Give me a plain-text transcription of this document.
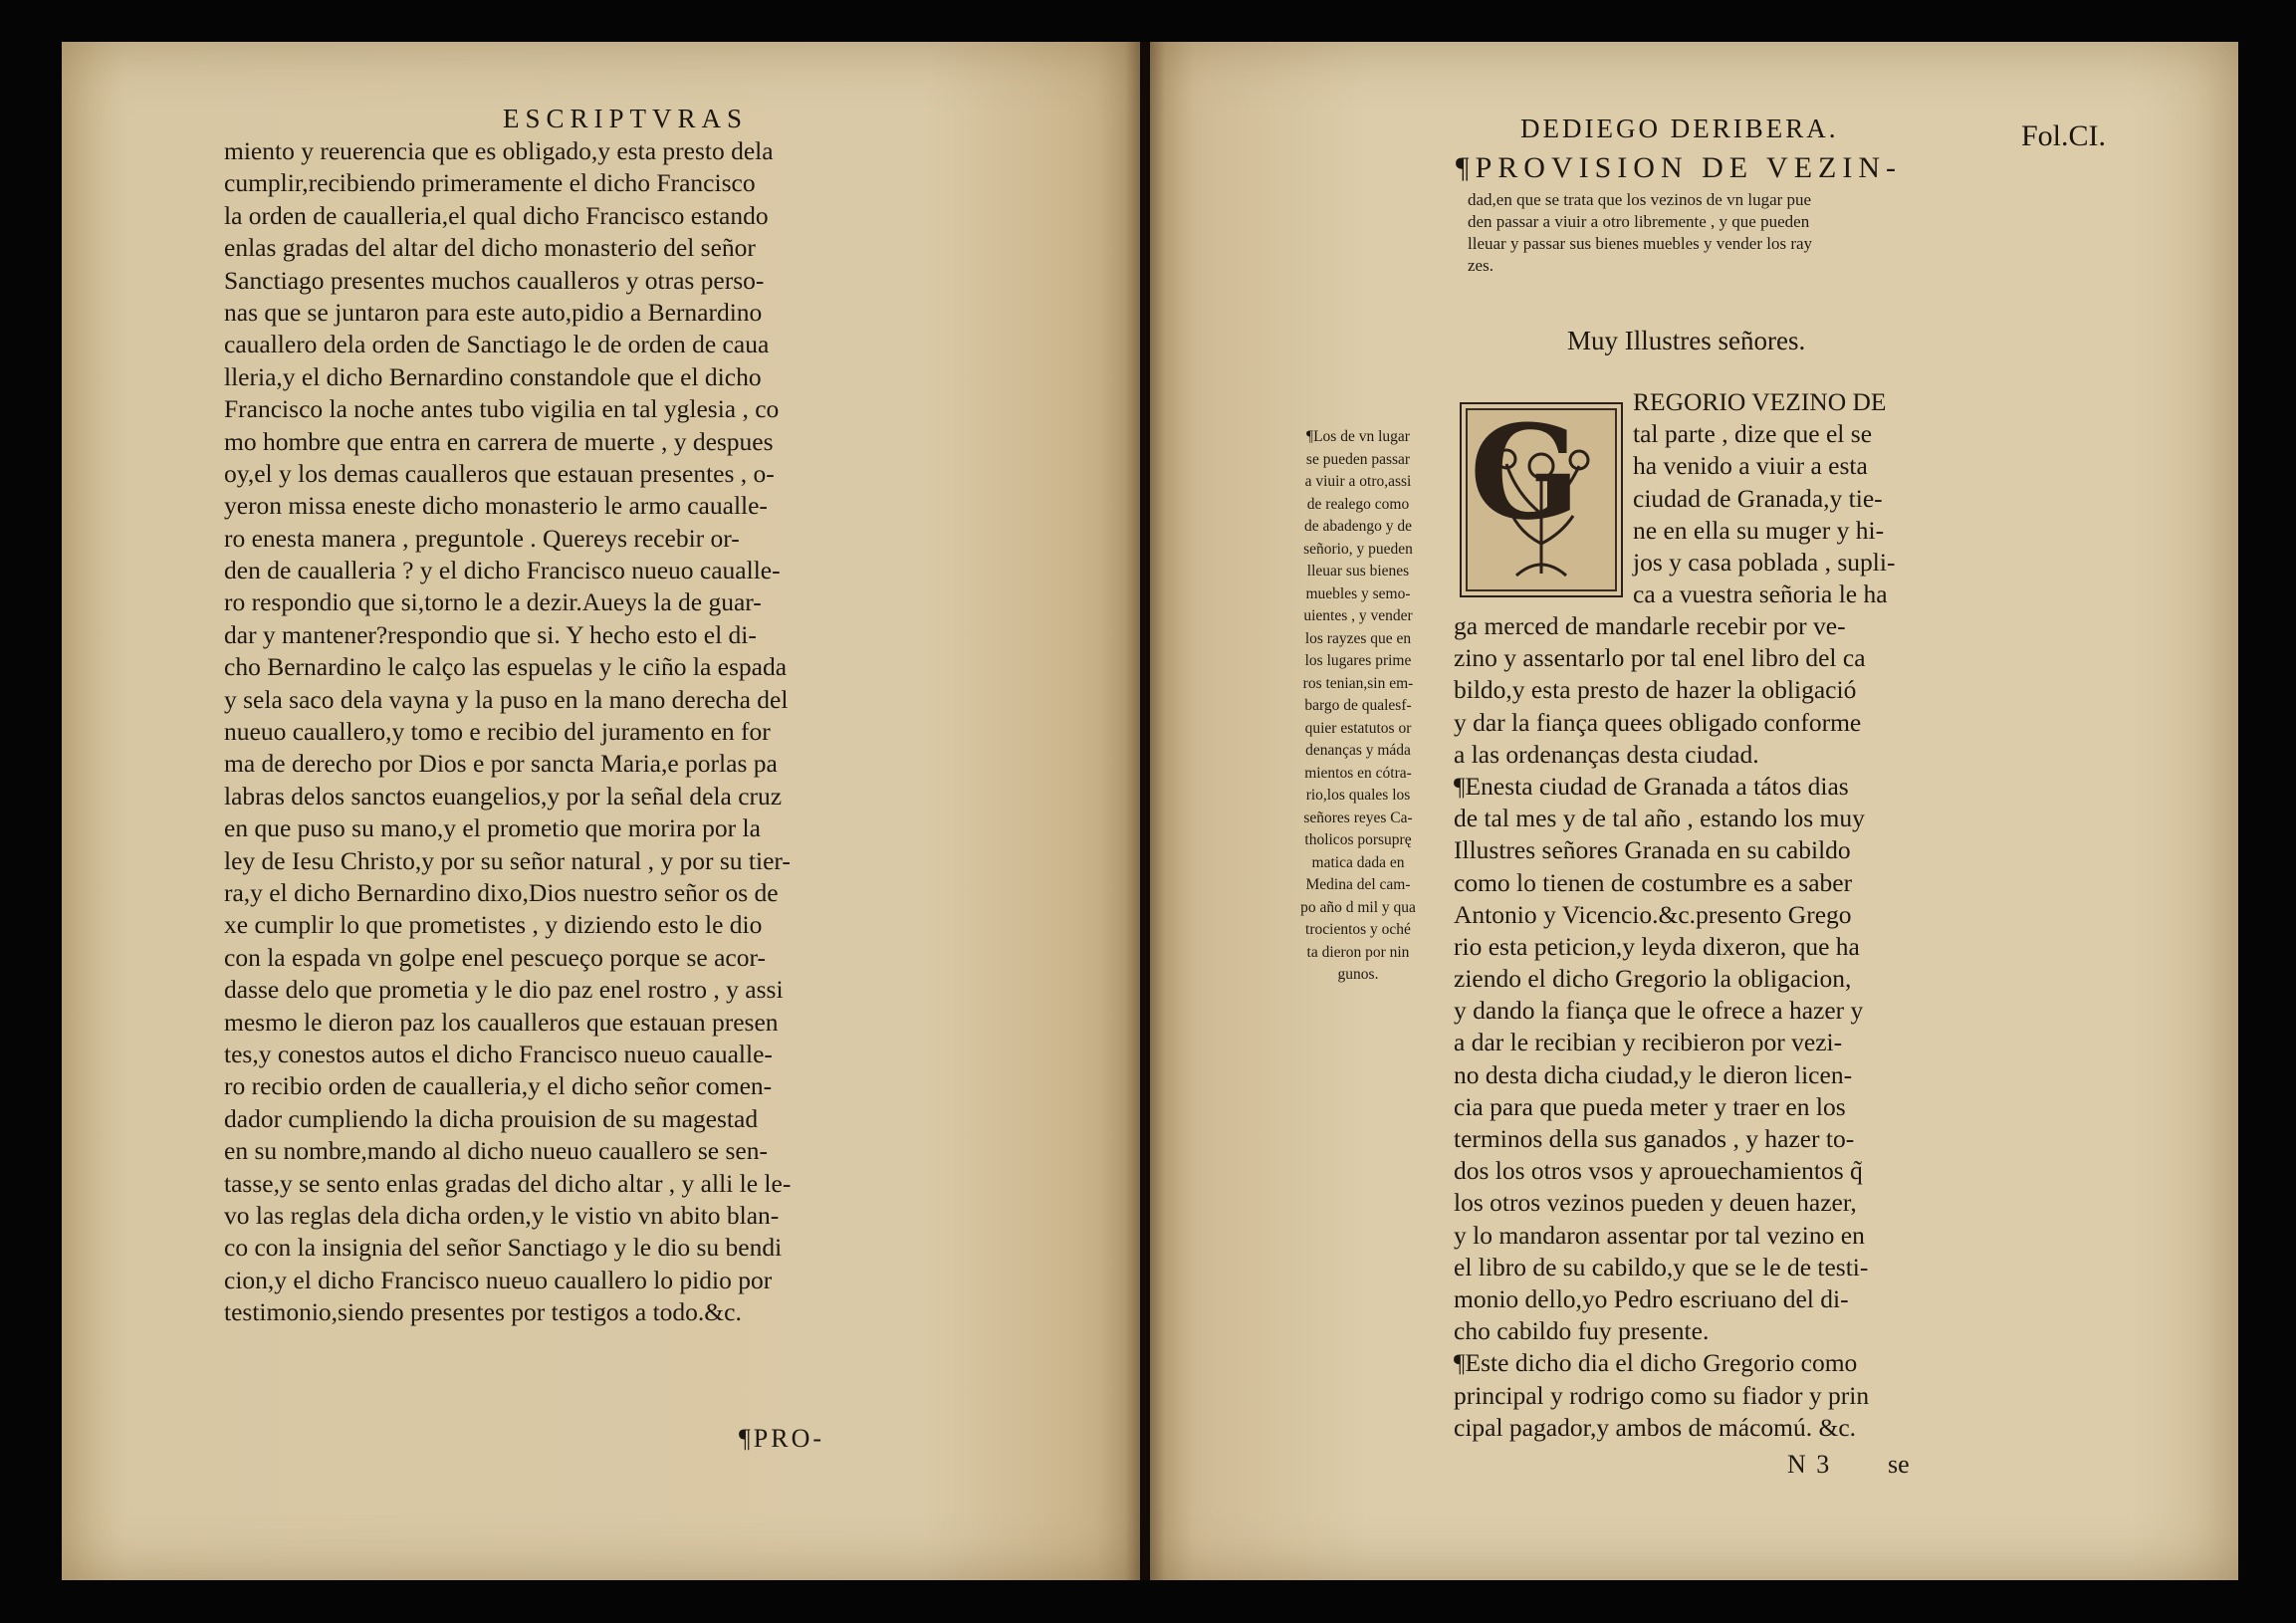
ESCRIPTVRAS
miento y reuerencia que es obligado,y esta presto dela
cumplir,recibiendo primeramente el dicho Francisco
la orden de caualleria,el qual dicho Francisco estando
enlas gradas del altar del dicho monasterio del señor
Sanctiago presentes muchos caualleros y otras perso-
nas que se juntaron para este auto,pidio a Bernardino
cauallero dela orden de Sanctiago le de orden de caua
lleria,y el dicho Bernardino constandole que el dicho
Francisco la noche antes tubo vigilia en tal yglesia , co
mo hombre que entra en carrera de muerte , y despues
oy,el y los demas caualleros que estauan presentes , o-
yeron missa eneste dicho monasterio le armo caualle-
ro enesta manera , preguntole . Quereys recebir or-
den de caualleria ? y el dicho Francisco nueuo caualle-
ro respondio que si,torno le a dezir.Aueys la de guar-
dar y mantener?respondio que si. Y hecho esto el di-
cho Bernardino le calço las espuelas y le ciño la espada
y sela saco dela vayna y la puso en la mano derecha del
nueuo cauallero,y tomo e recibio del juramento en for
ma de derecho por Dios e por sancta Maria,e porlas pa
labras delos sanctos euangelios,y por la señal dela cruz
en que puso su mano,y el prometio que morira por la
ley de Iesu Christo,y por su señor natural , y por su tier-
ra,y el dicho Bernardino dixo,Dios nuestro señor os de
xe cumplir lo que prometistes , y diziendo esto le dio
con la espada vn golpe enel pescueço porque se acor-
dasse delo que prometia y le dio paz enel rostro , y assi
mesmo le dieron paz los caualleros que estauan presen
tes,y conestos autos el dicho Francisco nueuo caualle-
ro recibio orden de caualleria,y el dicho señor comen-
dador cumpliendo la dicha prouision de su magestad
en su nombre,mando al dicho nueuo cauallero se sen-
tasse,y se sento enlas gradas del dicho altar , y alli le le-
vo las reglas dela dicha orden,y le vistio vn abito blan-
co con la insignia del señor Sanctiago y le dio su bendi
cion,y el dicho Francisco nueuo cauallero lo pidio por
testimonio,siendo presentes por testigos a todo.&c.
¶PRO-
DEDIEGO DERIBERA.	Fol.CI.
¶PROVISION DE VEZIN-
dad,en que se trata que los vezinos de vn lugar pue
den passar a viuir a otro libremente , y que pueden
lleuar y passar sus bienes muebles y vender los ray
zes.
Muy Illustres señores.
¶Los de vn lugar
se pueden passar
a viuir a otro,assi
de realego como
de abadengo y de
señorio, y pueden
lleuar sus bienes
muebles y semo-
uientes , y vender
los rayzes que en
los lugares prime
ros tenian,sin em-
bargo de qualesf-
quier estatutos or
denanças y máda
mientos en cótra-
rio,los quales los
señores reyes Ca-
tholicos porsuprę
matica dada en
Medina del cam-
po año d mil y qua
trocientos y oché
ta dieron por nin
gunos.
G REGORIO VEZINO DE
tal parte , dize que el se
ha venido a viuir a esta
ciudad de Granada,y tie-
ne en ella su muger y hi-
jos y casa poblada , supli-
ca a vuestra señoria le ha
ga merced de mandarle recebir por ve-
zino y assentarlo por tal enel libro del ca
bildo,y esta presto de hazer la obligació
y dar la fiança quees obligado conforme
a las ordenanças desta ciudad.
¶Enesta ciudad de Granada a tátos dias
de tal mes y de tal año , estando los muy
Illustres señores Granada en su cabildo
como lo tienen de costumbre es a saber
Antonio y Vicencio.&c.presento Grego
rio esta peticion,y leyda dixeron, que ha
ziendo el dicho Gregorio la obligacion,
y dando la fiança que le ofrece a hazer y
a dar le recibian y recibieron por vezi-
no desta dicha ciudad,y le dieron licen-
cia para que pueda meter y traer en los
terminos della sus ganados , y hazer to-
dos los otros vsos y aprouechamientos q̃
los otros vezinos pueden y deuen hazer,
y lo mandaron assentar por tal vezino en
el libro de su cabildo,y que se le de testi-
monio dello,yo Pedro escriuano del di-
cho cabildo fuy presente.
¶Este dicho dia el dicho Gregorio como
principal y rodrigo como su fiador y prin
cipal pagador,y ambos de mácomú. &c.
N 3 se
